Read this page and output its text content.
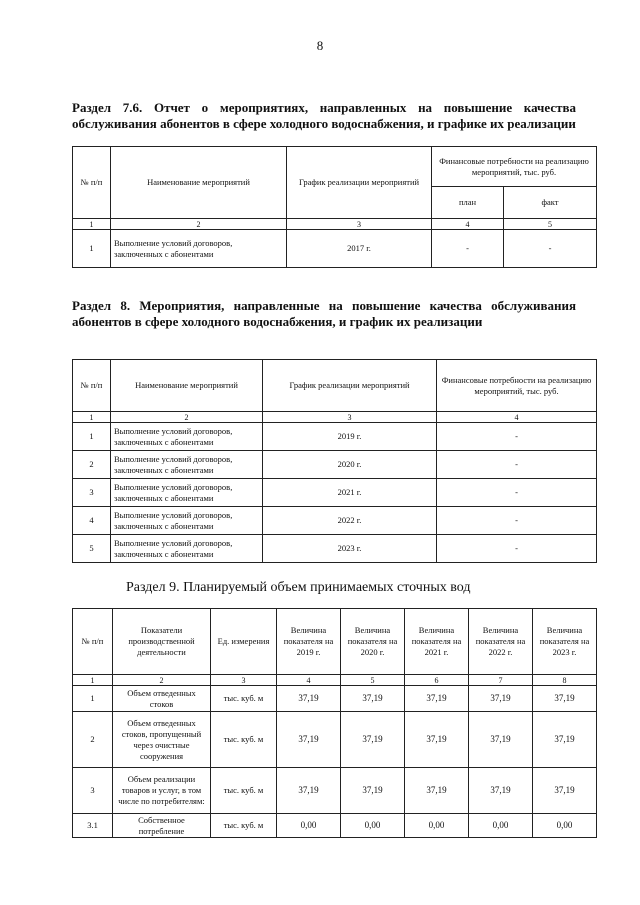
8
Раздел 7.6. Отчет о мероприятиях, направленных на повышение качества обслуживания абонентов в сфере холодного водоснабжения, и графике их реализации
№ п/п	Наименование мероприятий	График реализации мероприятий	Финансовые потребности на реализацию мероприятий, тыс. руб.	
			план	факт
1	2	3	4	5
1	Выполнение условий договоров, заключенных с абонентами	2017 г.	-	-
Раздел 8. Мероприятия, направленные на повышение качества обслуживания абонентов в сфере холодного водоснабжения, и график их реализации
№ п/п	Наименование мероприятий	График реализации мероприятий	Финансовые потребности на реализацию мероприятий, тыс. руб.
1	2	3	4
1	Выполнение условий договоров, заключенных с абонентами	2019 г.	-
2	Выполнение условий договоров, заключенных с абонентами	2020 г.	-
3	Выполнение условий договоров, заключенных с абонентами	2021 г.	-
4	Выполнение условий договоров, заключенных с абонентами	2022 г.	-
5	Выполнение условий договоров, заключенных с абонентами	2023 г.	-
Раздел 9. Планируемый объем принимаемых сточных вод
№ п/п	Показатели производственной деятельности	Ед. измерения	Величина показателя на 2019 г.	Величина показателя на 2020 г.	Величина показателя на 2021 г.	Величина показателя на 2022 г.	Величина показателя на 2023 г.
1	2	3	4	5	6	7	8
1	Объем отведенных стоков	тыс. куб. м	37,19	37,19	37,19	37,19	37,19
2	Объем отведенных стоков, пропущенный через очистные сооружения	тыс. куб. м	37,19	37,19	37,19	37,19	37,19
3	Объем реализации товаров и услуг, в том числе по потребителям:	тыс. куб. м	37,19	37,19	37,19	37,19	37,19
3.1	Собственное потребление	тыс. куб. м	0,00	0,00	0,00	0,00	0,00
